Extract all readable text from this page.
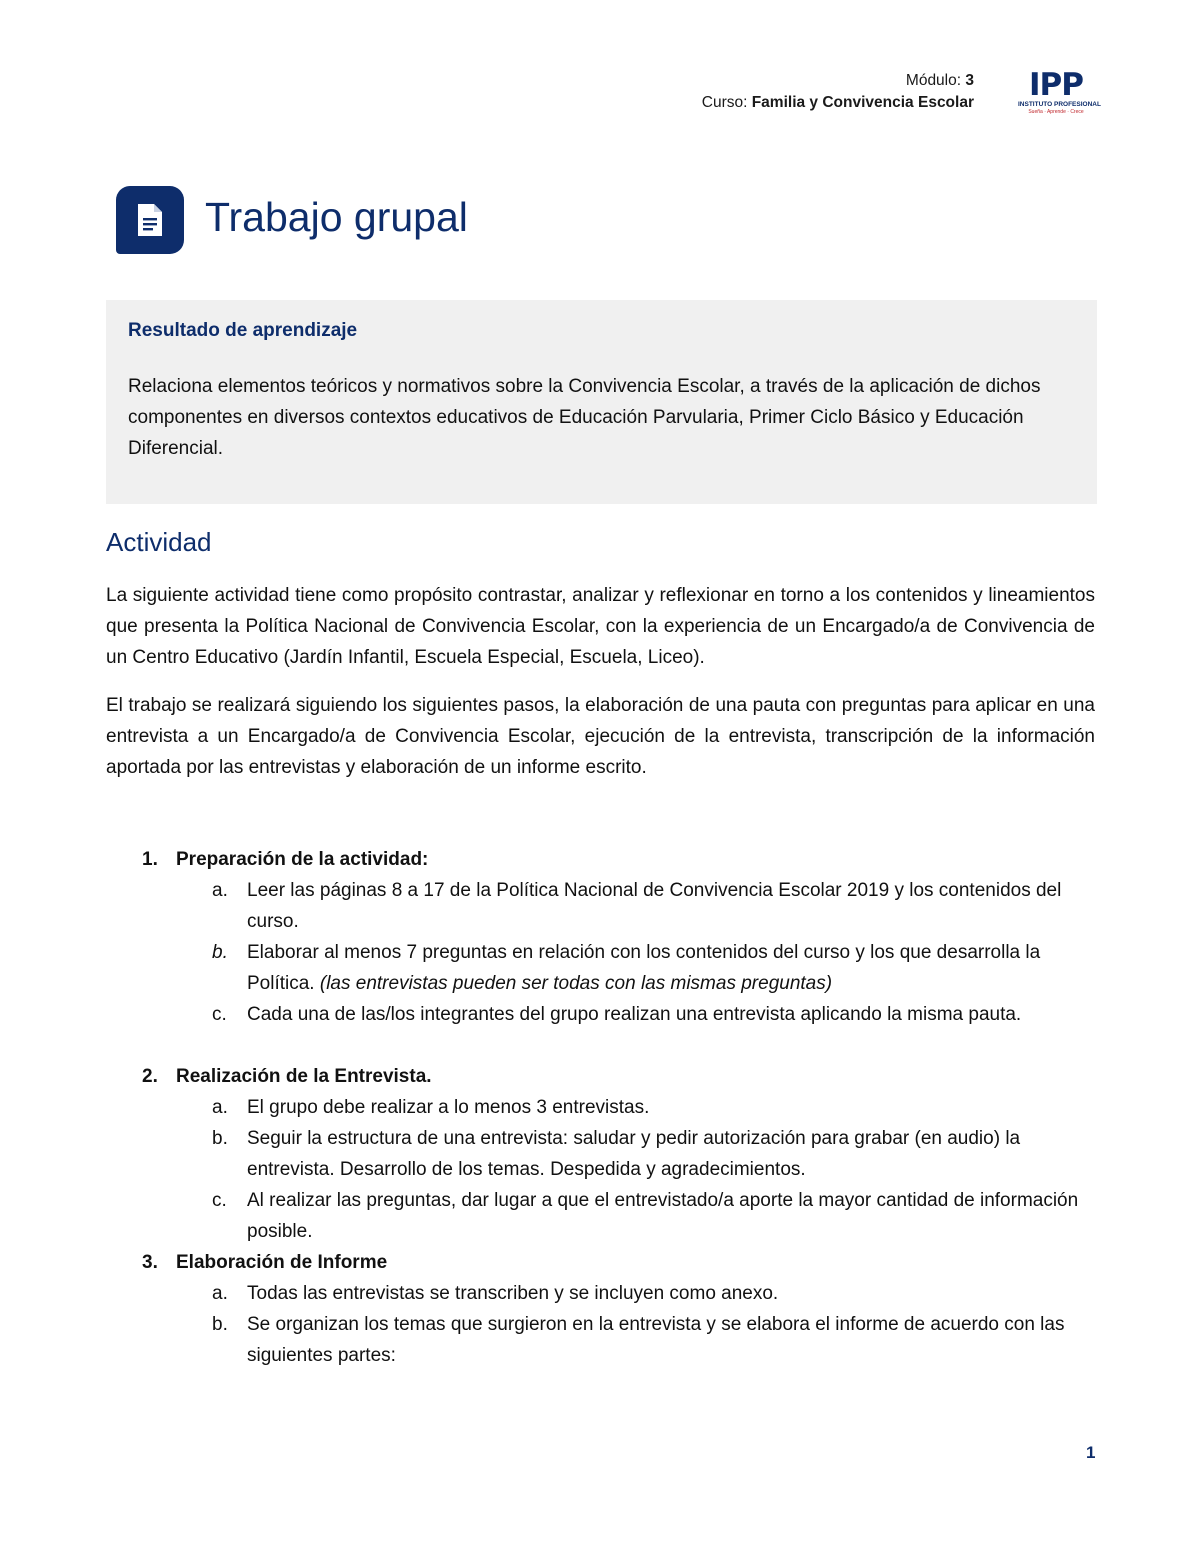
Módulo: 3
Curso: Familia y Convivencia Escolar	IPP
INSTITUTO PROFESIONAL
Sueña · Aprende · Crece
Trabajo grupal
Resultado de aprendizaje
Relaciona elementos teóricos y normativos sobre la Convivencia Escolar, a través de la aplicación de dichos componentes en diversos contextos educativos de Educación Parvularia, Primer Ciclo Básico y Educación Diferencial.
Actividad
La siguiente actividad tiene como propósito contrastar, analizar y reflexionar en torno a los contenidos y lineamientos que presenta la Política Nacional de Convivencia Escolar, con la experiencia de un Encargado/a de Convivencia de un Centro Educativo (Jardín Infantil, Escuela Especial, Escuela, Liceo).
El trabajo se realizará siguiendo los siguientes pasos, la elaboración de una pauta con preguntas para aplicar en una entrevista a un Encargado/a de Convivencia Escolar, ejecución de la entrevista, transcripción de la información aportada por las entrevistas y elaboración de un informe escrito.
1. Preparación de la actividad:
a. Leer las páginas 8 a 17 de la Política Nacional de Convivencia Escolar 2019 y los contenidos del curso.
b. Elaborar al menos 7 preguntas en relación con los contenidos del curso y los que desarrolla la Política. (las entrevistas pueden ser todas con las mismas preguntas)
c. Cada una de las/los integrantes del grupo realizan una entrevista aplicando la misma pauta.
2. Realización de la Entrevista.
a. El grupo debe realizar a lo menos 3 entrevistas.
b. Seguir la estructura de una entrevista: saludar y pedir autorización para grabar (en audio) la entrevista. Desarrollo de los temas. Despedida y agradecimientos.
c. Al realizar las preguntas, dar lugar a que el entrevistado/a aporte la mayor cantidad de información posible.
3. Elaboración de Informe
a. Todas las entrevistas se transcriben y se incluyen como anexo.
b. Se organizan los temas que surgieron en la entrevista y se elabora el informe de acuerdo con las siguientes partes:
1
